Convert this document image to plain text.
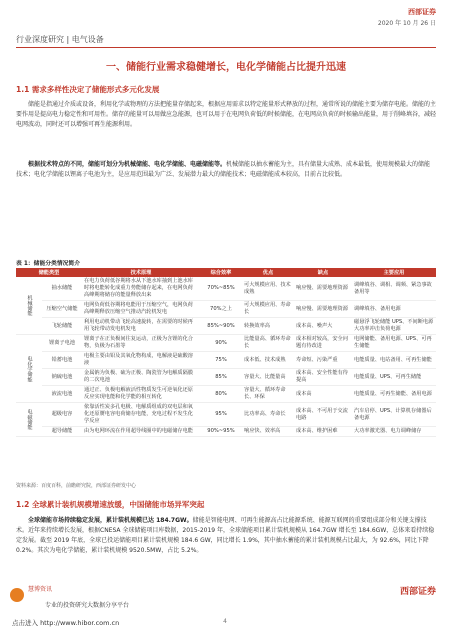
西部证券
2020 年 10 月 26 日
行业深度研究 | 电气设备
一、储能行业需求稳健增长，电化学储能占比提升迅速
1.1 需求多样性决定了储能形式多元化发展
储能是指通过介质或设备，利用化学或物理的方法把能量存储起来，根据应用需求以特定能量形式释放的过程，通常所说的储能主要为储存电能。储能的主要作用是提高电力稳定性和可用性。储存的能量可以用做应急能源，也可以用于在电网负荷低的时候储能，在电网高负荷的时候输出能量，用于削峰填谷，减轻电网波动，同时还可以增强可再生能源利用。
根据技术特点的不同，储能可划分为机械储能、电化学储能、电磁储能等。机械储能以抽水蓄能为主，具有储量大成熟、成本最低，使用规模最大的储能技术；电化学储能以锂离子电池为主，是应用范围最为广泛、发展潜力最大的储能技术；电磁储能成本较高，目前占比较低。
表 1：储能分类情况简介
储能类型		技术原理	综合效率	优点	缺点	主要应用
机械储能	抽水储能	在电力负荷低谷期将水从下池水库抽到上池水库时将电能转化成重力势能储存起来，在电网负荷高峰期将储存的能量释放出来	70%~85%	可大规模应用、技术成熟	响应慢、需要地理资源	调峰填谷、调相、调频、紧急事故备用等
	压缩空气储能	电网负荷低谷期将电能用于压缩空气，电网负荷高峰期释放压缩空气推动汽轮机发电	70%之上	可大规模应用、寿命长	响应慢、需要地理资源	调峰填谷、备用电源
	飞轮储能	利用电动机带动飞轮高速旋转，在需要的时候再用飞轮带动发电机发电	85%~90%	转换效率高	成本高、噪声大	磁悬浮飞轮储能 UPS、不间断电源大功率冲击负荷电源
电化学储能	锂离子电池	锂离子在正负极间往复运动，正极为含锂的化合物，负极为石墨等	90%	比能量高、循环寿命长	成本相对较高，安全问题有待改进	电网储能、备用电源、UPS、可再生储能
	铅蓄电池	电极主要由铅及其氧化物构成，电解液是硫酸溶液	75%	成本低、技术成熟	寿命短、污染严重	电能质量、电站备用、可再生储能
	钠硫电池	金属钠为负极、硫为正极、陶瓷管为电解质隔膜的二次电池	85%	容量大、比能量高	成本高、安全性能有待提高	电能质量、UPS、可再生储能
	液流电池	通过正、负极电解液活性物质发生可逆氧化还原反应实现电能和化学能的相互转化	80%	容量大、循环寿命长、环保	成本高	电能质量、可再生储能、备用电源
电磁储能	超级电容	依靠活性炭多孔电极、电解质组成的双电层和氧化还原赝电容电荷储存电能，充电过程不发生化学反应	95%	比功率高、寿命长	成本高、不可用于交流电路	汽车启停、UPS、计算机存储器后备电源
	超导储能	由为电网环流在作用超导线圈中的电磁储存电能	90%~95%	响应快、效率高	成本高、维护困难	大功率激光器、电力调峰储存
资料来源：百度百科，前瞻研究院，西部证券研发中心
1.2 全球累计装机规模增速放缓，中国储能市场异军突起
全球储能市场持续稳定发展，累计装机规模已达 184.7GW。储能是智能电网、可再生能源高占比能源系统、能源互联网的重要组成部分和关键支撑技术。近年来持续增长发展，根据CNESA 全球储能项目库数据，2015-2019 年，全球储能项目累计装机规模从 164.7GW 增长至 184.6GW，总体来看持续稳定发展。截至 2019 年底，全球已投运储能项目累计装机规模 184.6 GW，同比增长 1.9%，其中抽水蓄能的累计装机规模占比最大，为 92.6%，同比下降 0.2%。其次为电化学储能，累计装机规模 9520.5MW，占比 5.2%。
慧博资讯
专业的投资研究大数据分享平台
点击进入 http://www.hibor.com.cn	4
西部证券
